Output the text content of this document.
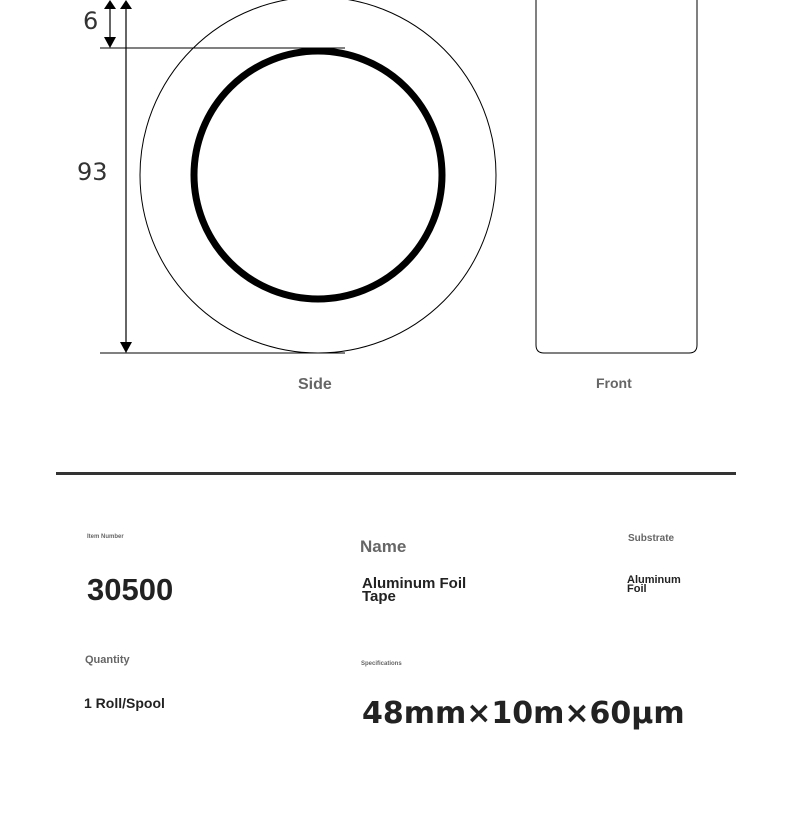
6
93
Side	Front
Item Number
30500
Name
Aluminum Foil Tape
Substrate
Aluminum Foil
Quantity
1 Roll/Spool
Specifications
48mm×10m×60μm
